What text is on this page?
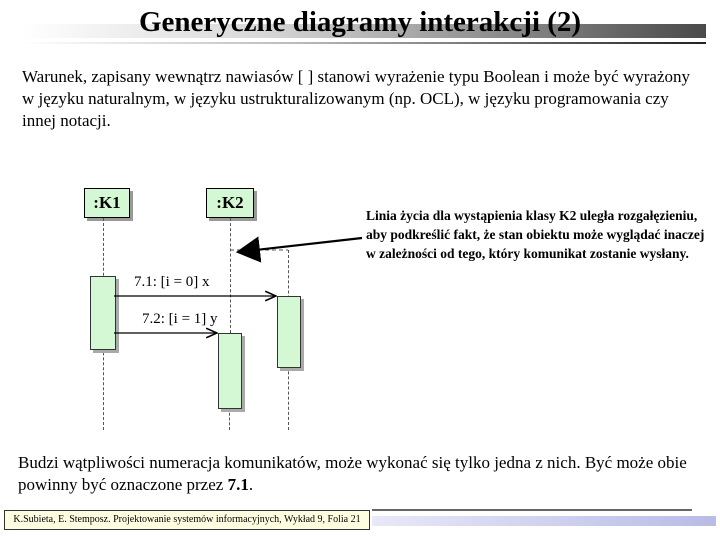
Generyczne diagramy interakcji (2)

Warunek, zapisany wewnątrz nawiasów [ ] stanowi wyrażenie typu Boolean i może być wyrażony w języku naturalnym, w języku ustrukturalizowanym (np. OCL), w języku programowania czy innej notacji.

:K1	:K2
7.1: [i = 0] x
7.2: [i = 1] y

Linia życia dla wystąpienia klasy K2 uległa rozgałęzieniu, aby podkreślić fakt, że stan obiektu może wyglądać inaczej w zależności od tego, który komunikat zostanie wysłany.

Budzi wątpliwości numeracja komunikatów, może wykonać się tylko jedna z nich. Być może obie powinny być oznaczone przez 7.1.

K.Subieta, E. Stemposz. Projektowanie systemów informacyjnych, Wykład 9, Folia 21
